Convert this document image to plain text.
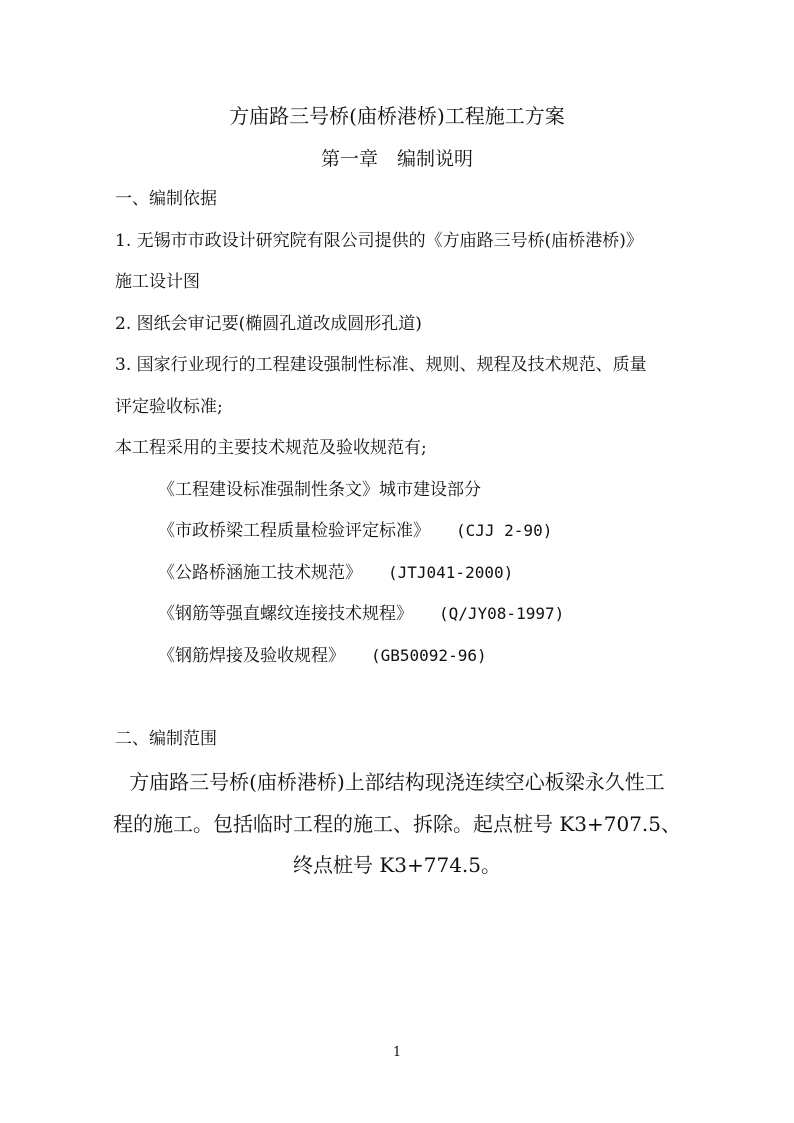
方庙路三号桥(庙桥港桥)工程施工方案
第一章　编制说明
一、编制依据
1. 无锡市市政设计研究院有限公司提供的《方庙路三号桥(庙桥港桥)》
施工设计图
2. 图纸会审记要(椭圆孔道改成圆形孔道)
3. 国家行业现行的工程建设强制性标准、规则、规程及技术规范、质量
评定验收标准;
本工程采用的主要技术规范及验收规范有;
《工程建设标准强制性条文》城市建设部分
《市政桥梁工程质量检验评定标准》 (CJJ 2-90)
《公路桥涵施工技术规范》 (JTJ041-2000)
《钢筋等强直螺纹连接技术规程》 (Q/JY08-1997)
《钢筋焊接及验收规程》 (GB50092-96)
二、编制范围
方庙路三号桥(庙桥港桥)上部结构现浇连续空心板梁永久性工
程的施工。包括临时工程的施工、拆除。起点桩号 K3+707.5、
终点桩号 K3+774.5。
1
